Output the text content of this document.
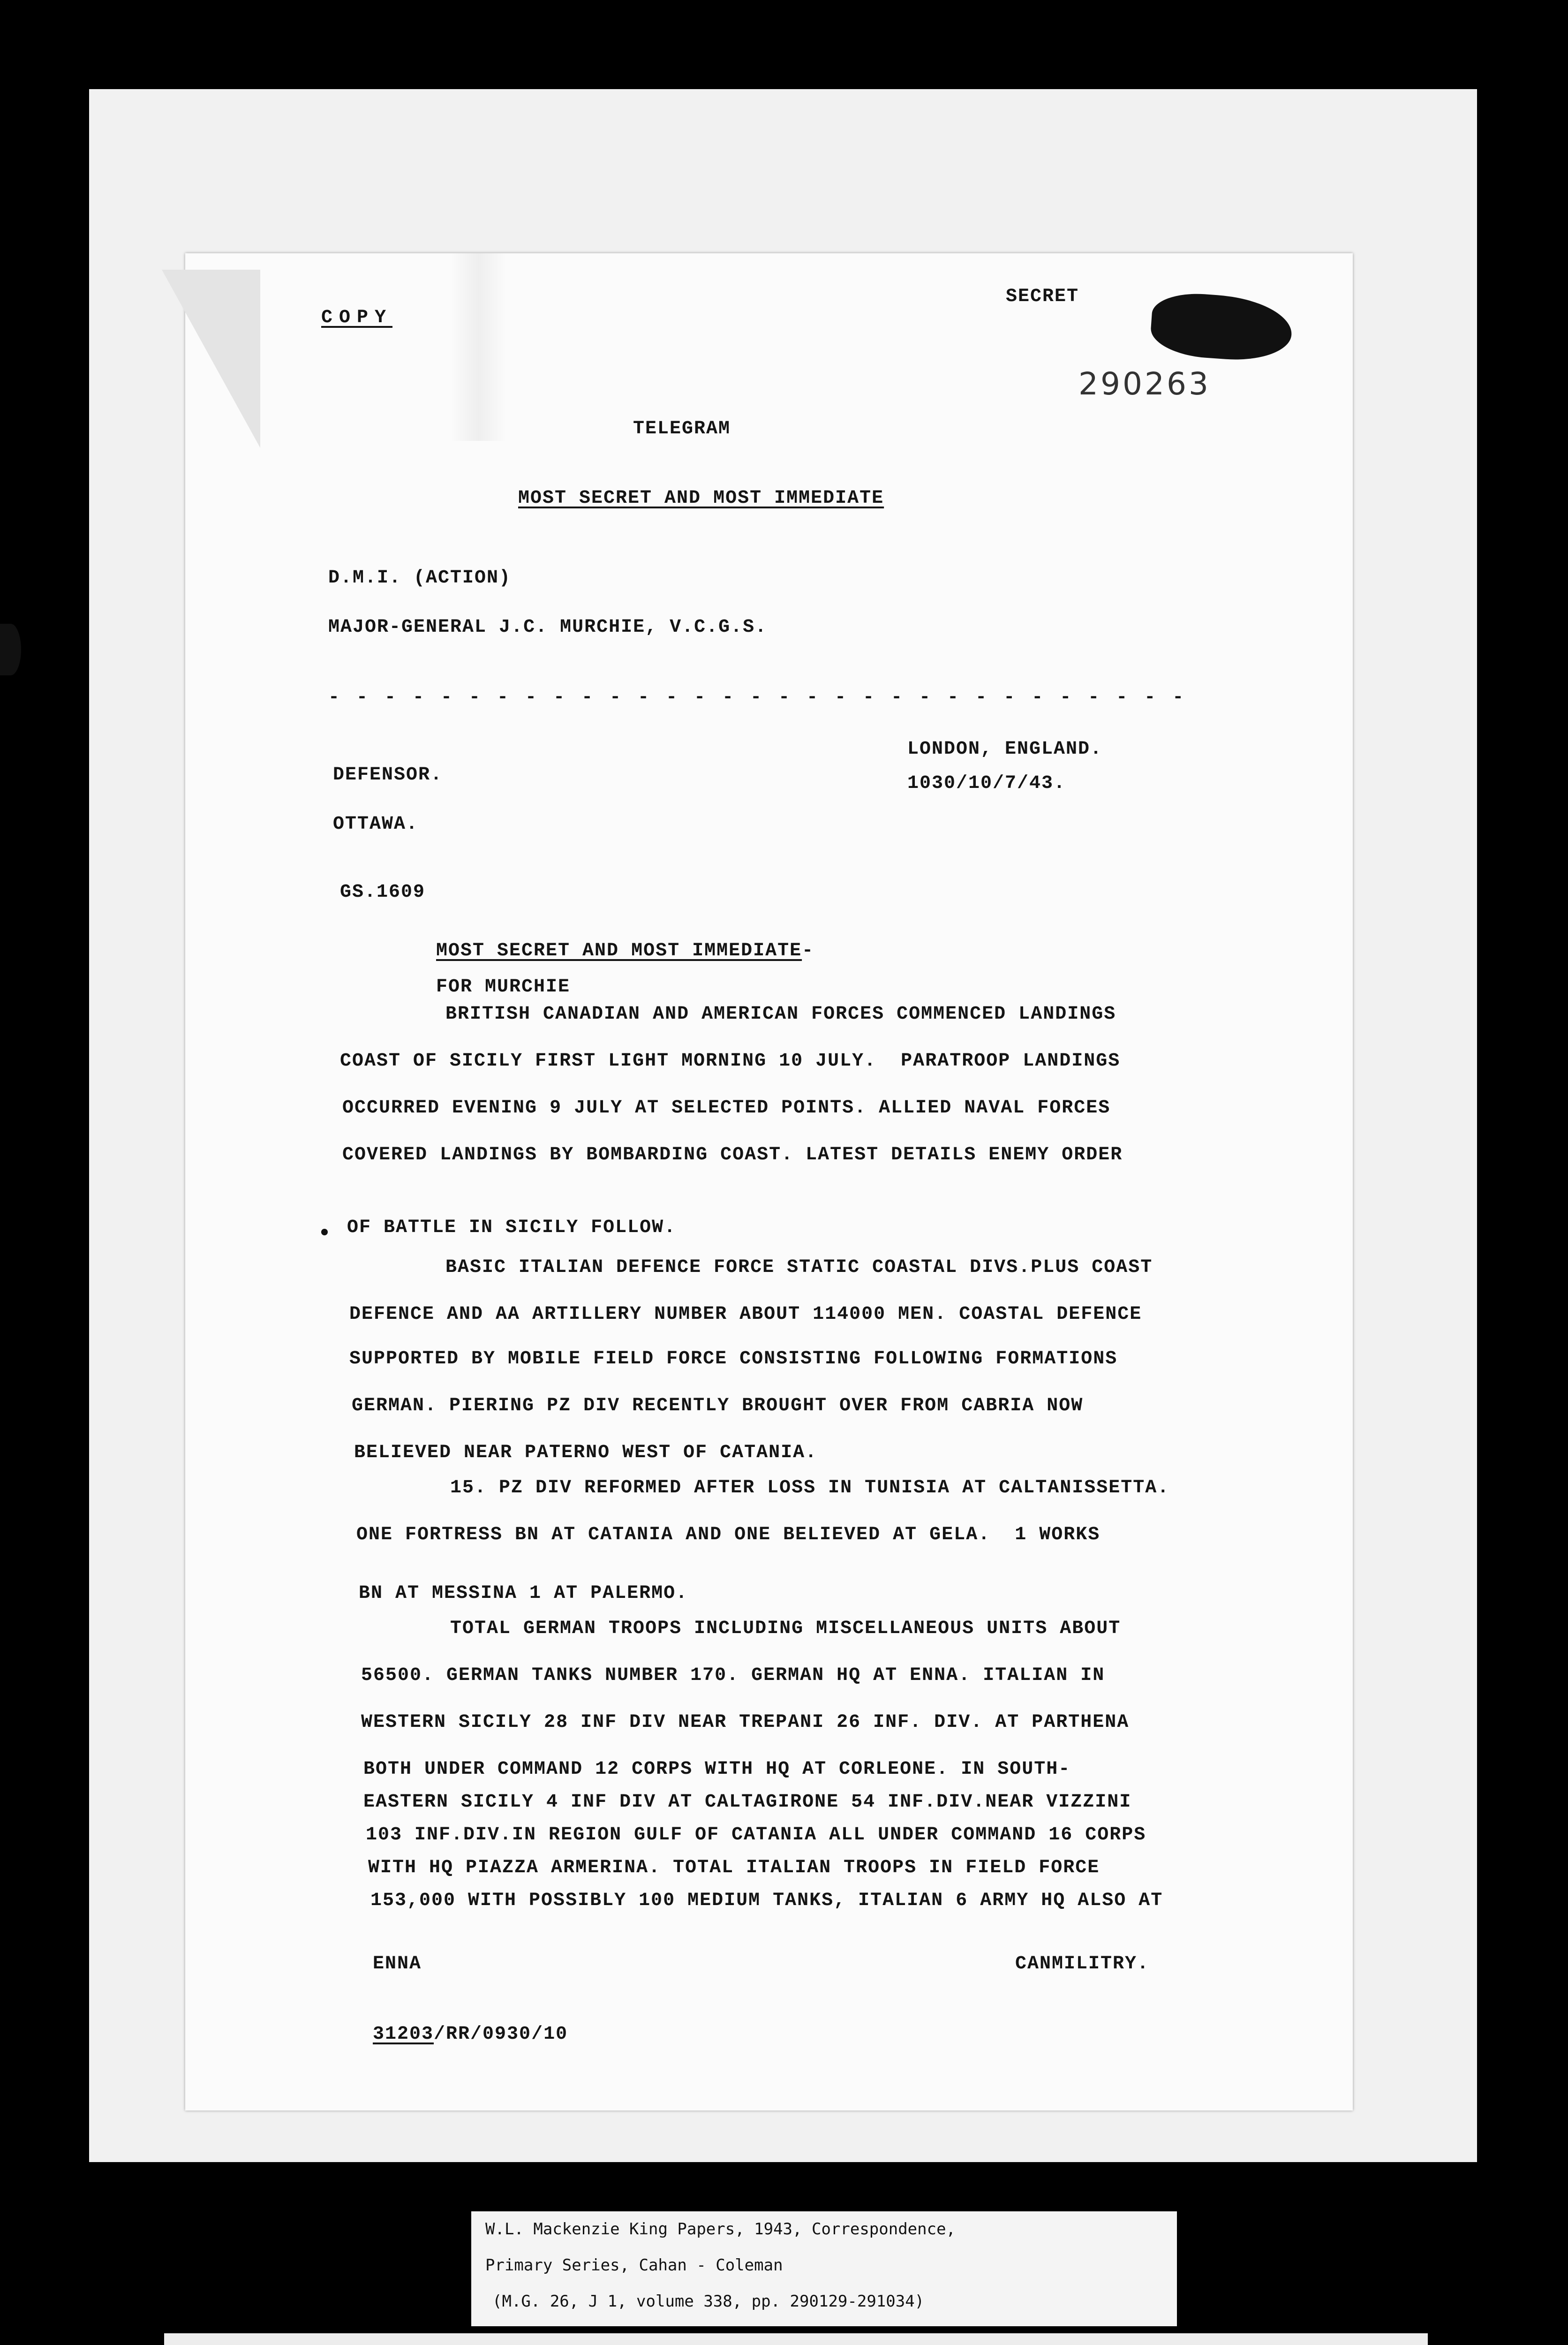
COPY
SECRET
290263
TELEGRAM
MOST SECRET AND MOST IMMEDIATE
D.M.I. (ACTION)
MAJOR-GENERAL J.C. MURCHIE, V.C.G.S.
- - - - - - - - - - - - - - - - - - - - - - - - - - - - - - -
DEFENSOR.
OTTAWA.
LONDON, ENGLAND.
1030/10/7/43.
GS.1609
MOST SECRET AND MOST IMMEDIATE-
FOR MURCHIE
BRITISH CANADIAN AND AMERICAN FORCES COMMENCED LANDINGS
COAST OF SICILY FIRST LIGHT MORNING 10 JULY.  PARATROOP LANDINGS
OCCURRED EVENING 9 JULY AT SELECTED POINTS. ALLIED NAVAL FORCES
COVERED LANDINGS BY BOMBARDING COAST. LATEST DETAILS ENEMY ORDER
OF BATTLE IN SICILY FOLLOW.
BASIC ITALIAN DEFENCE FORCE STATIC COASTAL DIVS.PLUS COAST
DEFENCE AND AA ARTILLERY NUMBER ABOUT 114000 MEN. COASTAL DEFENCE
SUPPORTED BY MOBILE FIELD FORCE CONSISTING FOLLOWING FORMATIONS
GERMAN. PIERING PZ DIV RECENTLY BROUGHT OVER FROM CABRIA NOW
BELIEVED NEAR PATERNO WEST OF CATANIA.
15. PZ DIV REFORMED AFTER LOSS IN TUNISIA AT CALTANISSETTA.
ONE FORTRESS BN AT CATANIA AND ONE BELIEVED AT GELA.  1 WORKS
BN AT MESSINA 1 AT PALERMO.
TOTAL GERMAN TROOPS INCLUDING MISCELLANEOUS UNITS ABOUT
56500. GERMAN TANKS NUMBER 170. GERMAN HQ AT ENNA. ITALIAN IN
WESTERN SICILY 28 INF DIV NEAR TREPANI 26 INF. DIV. AT PARTHENA
BOTH UNDER COMMAND 12 CORPS WITH HQ AT CORLEONE. IN SOUTH-
EASTERN SICILY 4 INF DIV AT CALTAGIRONE 54 INF.DIV.NEAR VIZZINI
103 INF.DIV.IN REGION GULF OF CATANIA ALL UNDER COMMAND 16 CORPS
WITH HQ PIAZZA ARMERINA. TOTAL ITALIAN TROOPS IN FIELD FORCE
153,000 WITH POSSIBLY 100 MEDIUM TANKS, ITALIAN 6 ARMY HQ ALSO AT
ENNA	CANMILITRY.
31203/RR/0930/10
W.L. Mackenzie King Papers, 1943, Correspondence,
Primary Series, Cahan - Coleman
(M.G. 26, J 1, volume 338, pp. 290129-291034)
